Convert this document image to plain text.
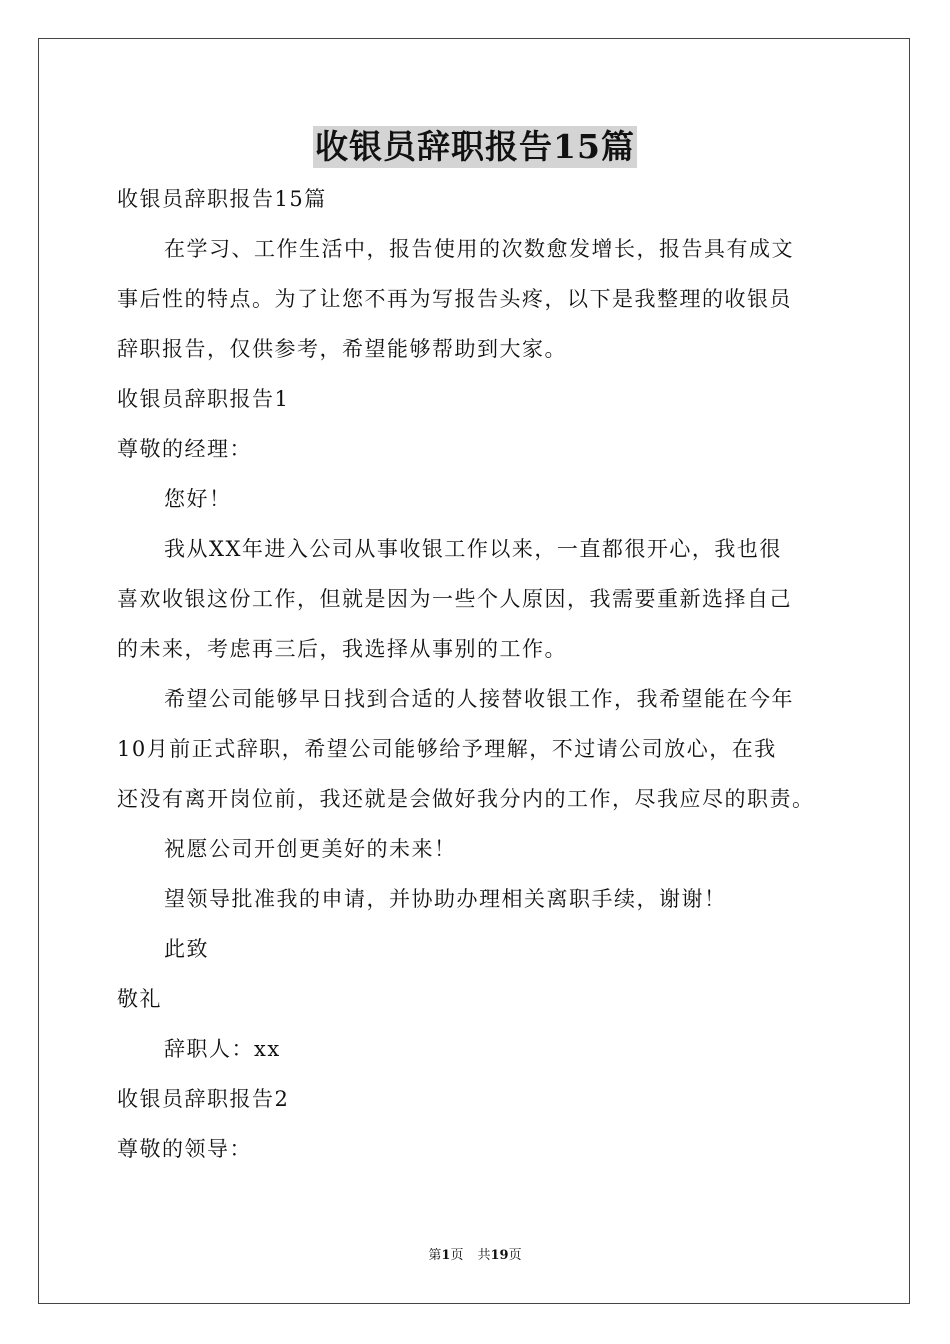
收银员辞职报告15篇
收银员辞职报告15篇
在学习、工作生活中，报告使用的次数愈发增长，报告具有成文
事后性的特点。为了让您不再为写报告头疼，以下是我整理的收银员
辞职报告，仅供参考，希望能够帮助到大家。
收银员辞职报告1
尊敬的经理：
您好！
我从XX年进入公司从事收银工作以来，一直都很开心，我也很
喜欢收银这份工作，但就是因为一些个人原因，我需要重新选择自己
的未来，考虑再三后，我选择从事别的工作。
希望公司能够早日找到合适的人接替收银工作，我希望能在今年
10月前正式辞职，希望公司能够给予理解，不过请公司放心，在我
还没有离开岗位前，我还就是会做好我分内的工作，尽我应尽的职责。
祝愿公司开创更美好的未来！
望领导批准我的申请，并协助办理相关离职手续，谢谢！
此致
敬礼
辞职人：xx
收银员辞职报告2
尊敬的领导：
第1页 共19页
